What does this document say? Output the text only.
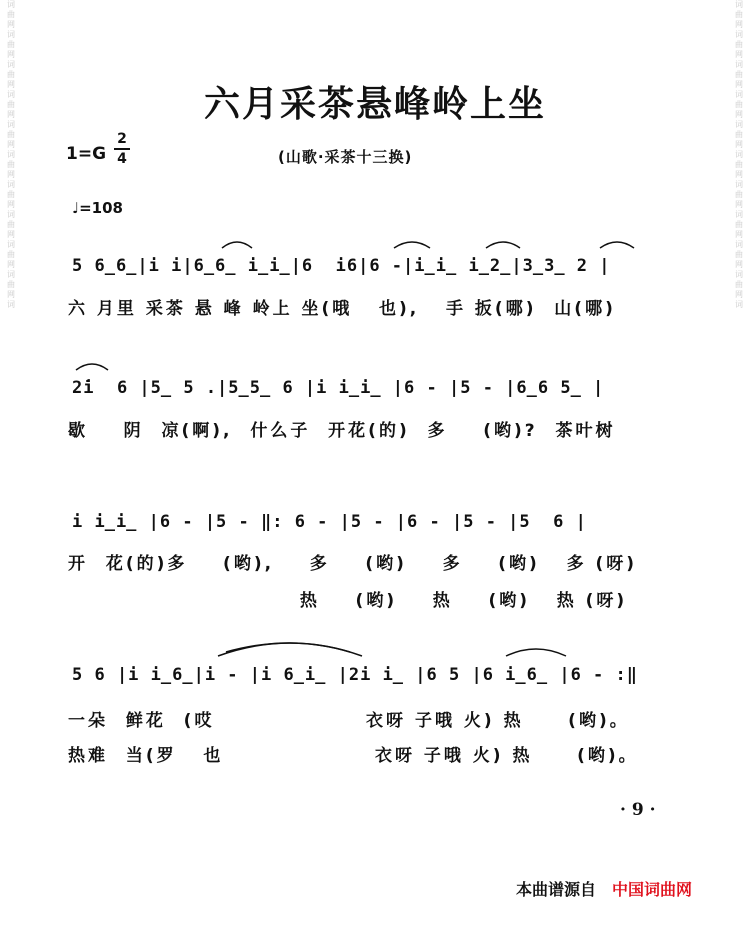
词
曲
网
词
曲
网
词
曲
网
词
曲
网
词
曲
网
词
曲
网
词
曲
网
词
曲
网
词
曲
网
词
曲
网
词
词
曲
网
词
曲
网
词
曲
网
词
曲
网
词
曲
网
词
曲
网
词
曲
网
词
曲
网
词
曲
网
词
曲
网
词
六月采茶悬峰岭上坐
1=G
2
4	(山歌·采茶十三换)
♩=108
5 6̲6̲|i i|6̲6̲ i̲i̲|6  i6|6 -|i̲i̲ i̲2̲|3̲3̲ 2 |
六 月里 采茶 悬 峰 岭上 坐(哦   也),   手 扳(哪)  山(哪)
2̇i  6 |5̲ 5 .|5̲5̲ 6 |i i̲i̲ |6 - |5 - |6̲6 5̲ |
歇    阴  凉(啊),  什么子  开花(的)  多    (哟)?  茶叶树
i i̲i̲ |6 - |5 - ‖: 6 - |5 - |6 - |5 - |5  6 |
开  花(的)多    (哟),    多    (哟)    多    (哟)   多 (呀)
热    (哟)    热    (哟)   热 (呀)
5 6 |i i̲6̲|i - |i 6̲i̲ |2i i̲ |6 5 |6 i̲6̲ |6 - :‖
一朵  鲜花  (哎                 衣呀 子哦 火) 热     (哟)。
热难  当(罗   也                 衣呀 子哦 火) 热     (哟)。
· 9 ·
本曲谱源自 中国词曲网
